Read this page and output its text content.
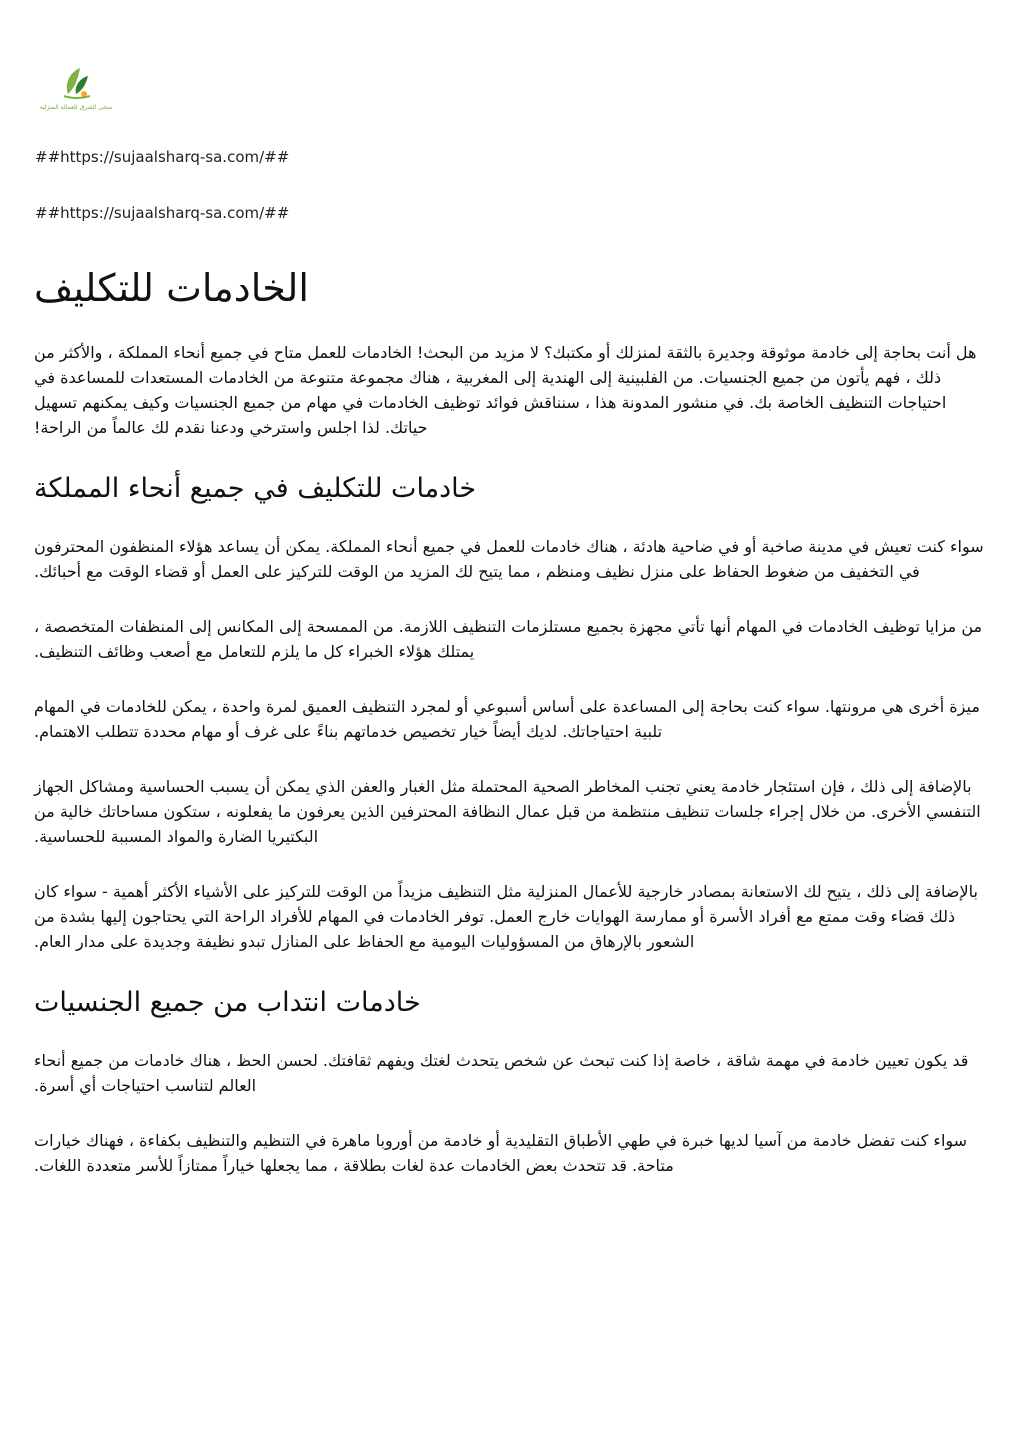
سجى الشرق للعمالة المنزلية
##https://sujaalsharq-sa.com/##
##https://sujaalsharq-sa.com/##
الخادمات للتكليف

هل أنت بحاجة إلى خادمة موثوقة وجديرة بالثقة لمنزلك أو مكتبك؟ لا مزيد من البحث! الخادمات للعمل متاح في جميع أنحاء المملكة ، والأكثر من ذلك ، فهم يأتون من جميع الجنسيات. من الفلبينية إلى الهندية إلى المغربية ، هناك مجموعة متنوعة من الخادمات المستعدات للمساعدة في احتياجات التنظيف الخاصة بك. في منشور المدونة هذا ، سنناقش فوائد توظيف الخادمات في مهام من جميع الجنسيات وكيف يمكنهم تسهيل حياتك. لذا اجلس واسترخي ودعنا نقدم لك عالماً من الراحة!

خادمات للتكليف في جميع أنحاء المملكة

سواء كنت تعيش في مدينة صاخبة أو في ضاحية هادئة ، هناك خادمات للعمل في جميع أنحاء المملكة. يمكن أن يساعد هؤلاء المنظفون المحترفون في التخفيف من ضغوط الحفاظ على منزل نظيف ومنظم ، مما يتيح لك المزيد من الوقت للتركيز على العمل أو قضاء الوقت مع أحبائك.

من مزايا توظيف الخادمات في المهام أنها تأتي مجهزة بجميع مستلزمات التنظيف اللازمة. من الممسحة إلى المكانس إلى المنظفات المتخصصة ، يمتلك هؤلاء الخبراء كل ما يلزم للتعامل مع أصعب وظائف التنظيف.

ميزة أخرى هي مرونتها. سواء كنت بحاجة إلى المساعدة على أساس أسبوعي أو لمجرد التنظيف العميق لمرة واحدة ، يمكن للخادمات في المهام تلبية احتياجاتك. لديك أيضاً خيار تخصيص خدماتهم بناءً على غرف أو مهام محددة تتطلب الاهتمام.

بالإضافة إلى ذلك ، فإن استئجار خادمة يعني تجنب المخاطر الصحية المحتملة مثل الغبار والعفن الذي يمكن أن يسبب الحساسية ومشاكل الجهاز التنفسي الأخرى. من خلال إجراء جلسات تنظيف منتظمة من قبل عمال النظافة المحترفين الذين يعرفون ما يفعلونه ، ستكون مساحاتك خالية من البكتيريا الضارة والمواد المسببة للحساسية.

بالإضافة إلى ذلك ، يتيح لك الاستعانة بمصادر خارجية للأعمال المنزلية مثل التنظيف مزيداً من الوقت للتركيز على الأشياء الأكثر أهمية - سواء كان ذلك قضاء وقت ممتع مع أفراد الأسرة أو ممارسة الهوايات خارج العمل. توفر الخادمات في المهام للأفراد الراحة التي يحتاجون إليها بشدة من الشعور بالإرهاق من المسؤوليات اليومية مع الحفاظ على المنازل تبدو نظيفة وجديدة على مدار العام.

خادمات انتداب من جميع الجنسيات

قد يكون تعيين خادمة في مهمة شاقة ، خاصة إذا كنت تبحث عن شخص يتحدث لغتك ويفهم ثقافتك. لحسن الحظ ، هناك خادمات من جميع أنحاء العالم لتناسب احتياجات أي أسرة.

سواء كنت تفضل خادمة من آسيا لديها خبرة في طهي الأطباق التقليدية أو خادمة من أوروبا ماهرة في التنظيم والتنظيف بكفاءة ، فهناك خيارات متاحة. قد تتحدث بعض الخادمات عدة لغات بطلاقة ، مما يجعلها خياراً ممتازاً للأسر متعددة اللغات.
